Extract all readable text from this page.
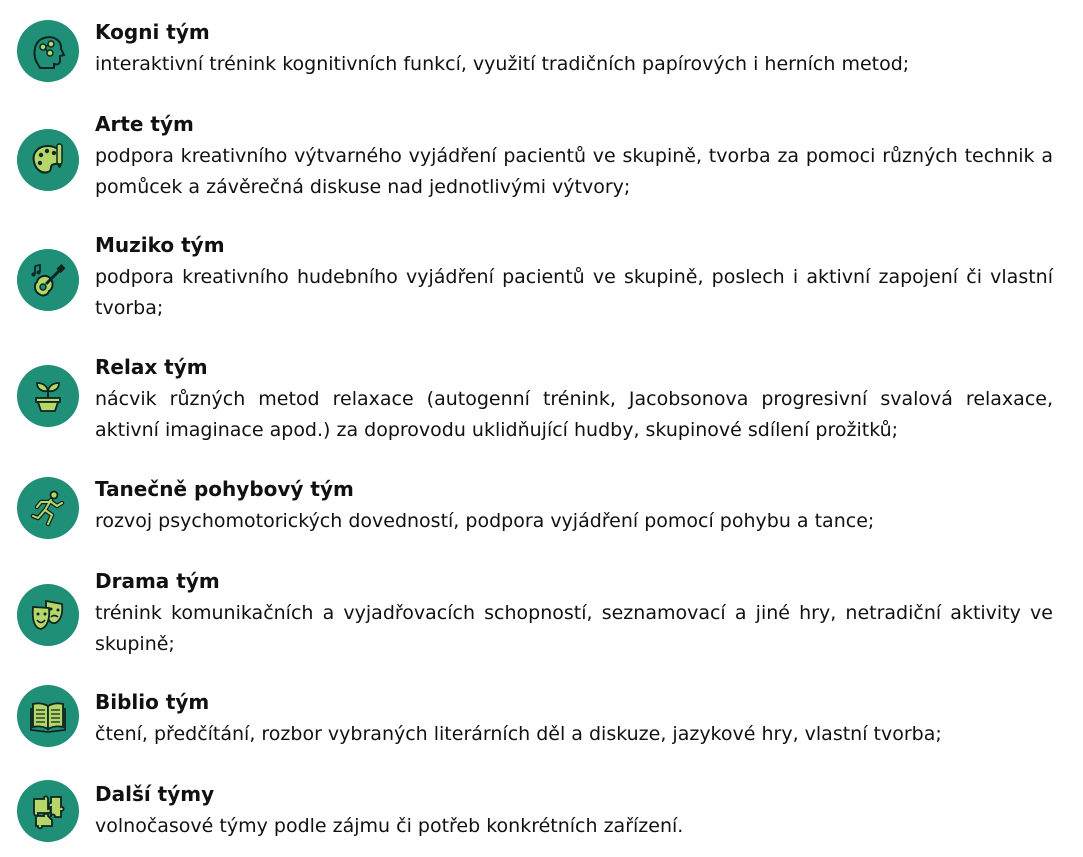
Kogni tým
interaktivní trénink kognitivních funkcí, využití tradičních papírových i herních metod;
Arte tým
podpora kreativního výtvarného vyjádření pacientů ve skupině, tvorba za pomoci různých technik a pomůcek a závěrečná diskuse nad jednotlivými výtvory;
Muziko tým
podpora kreativního hudebního vyjádření pacientů ve skupině, poslech i aktivní zapojení či vlastní tvorba;
Relax tým
nácvik různých metod relaxace (autogenní trénink, Jacobsonova progresivní svalová relaxace, aktivní imaginace apod.) za doprovodu uklidňující hudby, skupinové sdílení prožitků;
Tanečně pohybový tým
rozvoj psychomotorických dovedností, podpora vyjádření pomocí pohybu a tance;
Drama tým
trénink komunikačních a vyjadřovacích schopností, seznamovací a jiné hry, netradiční aktivity ve skupině;
Biblio tým
čtení, předčítání, rozbor vybraných literárních děl a diskuze, jazykové hry, vlastní tvorba;
Další týmy
volnočasové týmy podle zájmu či potřeb konkrétních zařízení.
